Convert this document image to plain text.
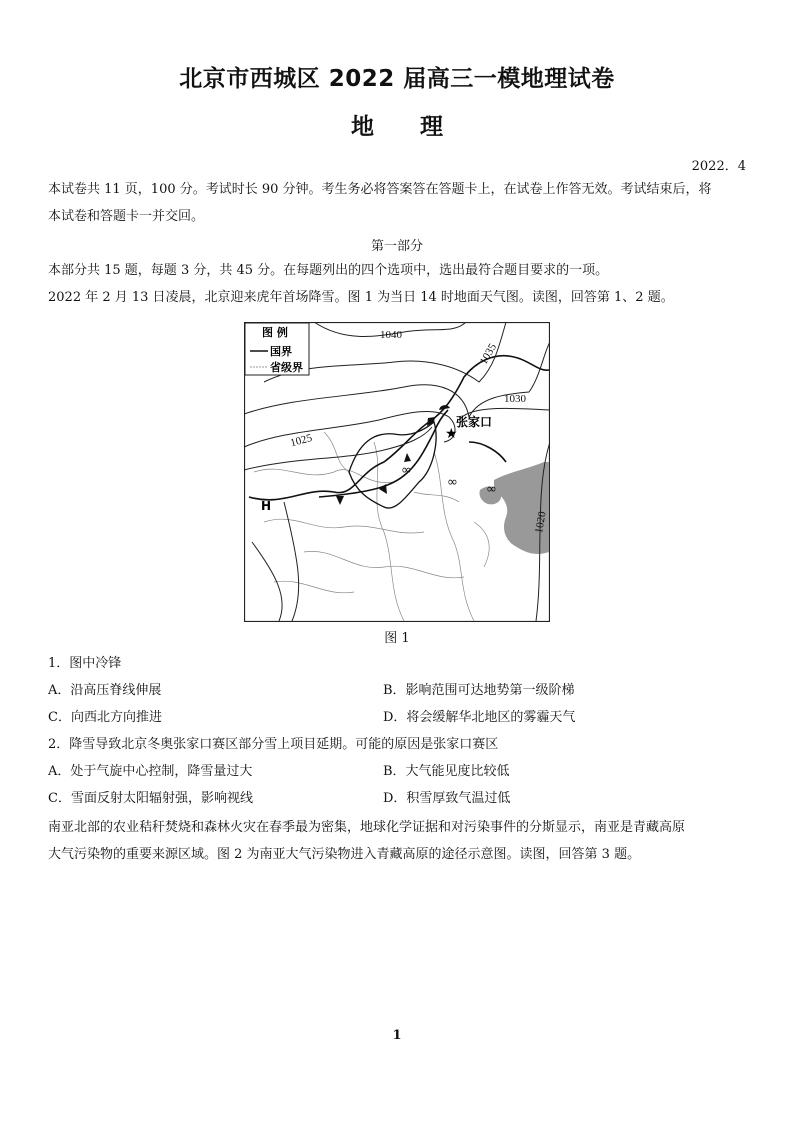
北京市西城区 2022 届高三一模地理试卷
地 理
2022．4
本试卷共 11 页，100 分。考试时长 90 分钟。考生务必将答案答在答题卡上，在试卷上作答无效。考试结束后，将
本试卷和答题卡一并交回。
第一部分
本部分共 15 题，每题 3 分，共 45 分。在每题列出的四个选项中，选出最符合题目要求的一项。
2022 年 2 月 13 日凌晨，北京迎来虎年首场降雪。图 1 为当日 14 时地面天气图。读图，回答第 1、2 题。
1040
1035
1030
1025
1020
H
★
张家口
∞
∞ ∞
图 例
国界
省级界
图 1
1．图中冷锋
A．沿高压脊线伸展	B．影响范围可达地势第一级阶梯
C．向西北方向推进	D．将会缓解华北地区的雾霾天气
2．降雪导致北京冬奥张家口赛区部分雪上项目延期。可能的原因是张家口赛区
A．处于气旋中心控制，降雪量过大	B．大气能见度比较低
C．雪面反射太阳辐射强，影响视线	D．积雪厚致气温过低
南亚北部的农业秸秆焚烧和森林火灾在春季最为密集，地球化学证据和对污染事件的分斯显示，南亚是青藏高原
大气污染物的重要来源区域。图 2 为南亚大气污染物进入青藏高原的途径示意图。读图，回答第 3 题。
1
